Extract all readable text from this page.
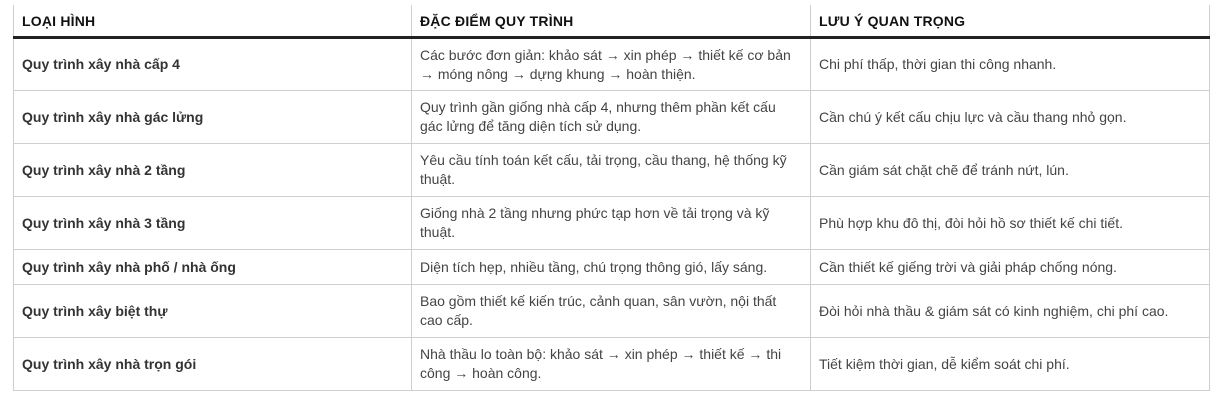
LOẠI HÌNH	ĐẶC ĐIỂM QUY TRÌNH	LƯU Ý QUAN TRỌNG
Quy trình xây nhà cấp 4	Các bước đơn giản: khảo sát → xin phép → thiết kế cơ bản → móng nông → dựng khung → hoàn thiện.	Chi phí thấp, thời gian thi công nhanh.
Quy trình xây nhà gác lửng	Quy trình gần giống nhà cấp 4, nhưng thêm phần kết cấu gác lửng để tăng diện tích sử dụng.	Cần chú ý kết cấu chịu lực và cầu thang nhỏ gọn.
Quy trình xây nhà 2 tầng	Yêu cầu tính toán kết cấu, tải trọng, cầu thang, hệ thống kỹ thuật.	Cần giám sát chặt chẽ để tránh nứt, lún.
Quy trình xây nhà 3 tầng	Giống nhà 2 tầng nhưng phức tạp hơn về tải trọng và kỹ thuật.	Phù hợp khu đô thị, đòi hỏi hồ sơ thiết kế chi tiết.
Quy trình xây nhà phố / nhà ống	Diện tích hẹp, nhiều tầng, chú trọng thông gió, lấy sáng.	Cần thiết kế giếng trời và giải pháp chống nóng.
Quy trình xây biệt thự	Bao gồm thiết kế kiến trúc, cảnh quan, sân vườn, nội thất cao cấp.	Đòi hỏi nhà thầu & giám sát có kinh nghiệm, chi phí cao.
Quy trình xây nhà trọn gói	Nhà thầu lo toàn bộ: khảo sát → xin phép → thiết kế → thi công → hoàn công.	Tiết kiệm thời gian, dễ kiểm soát chi phí.
